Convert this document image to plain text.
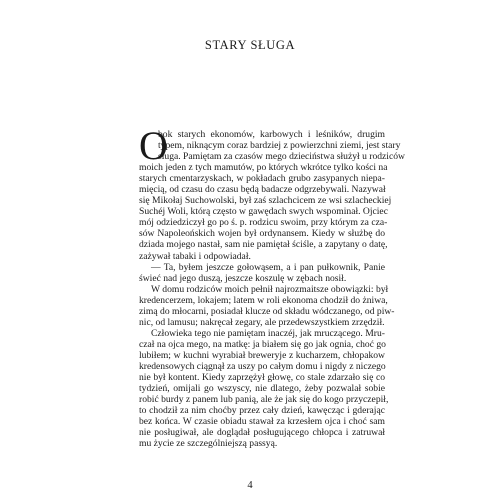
STARY SŁUGA
O
bok starych ekonomów, karbowych i leśników, drugim
typem, niknącym coraz bardziej z powierzchni ziemi, jest stary
sługa. Pamiętam za czasów mego dzieciństwa służył u rodziców
moich jeden z tych mamutów, po których wkrótce tylko kości na
starych cmentarzyskach, w pokładach grubo zasypanych niepa-
mięcią, od czasu do czasu będą badacze odgrzebywali. Nazywał
się Mikołaj Suchowolski, był zaś szlachcicem ze wsi szlacheckiej
Suchéj Woli, którą często w gawędach swych wspominał. Ojciec
mój odziedziczył go po ś. p. rodzicu swoim, przy którym za cza-
sów Napoleońskich wojen był ordynansem. Kiedy w służbę do
dziada mojego nastał, sam nie pamiętał ściśle, a zapytany o datę,
zażywał tabaki i odpowiadał.
— Ta, byłem jeszcze gołowąsem, a i pan pułkownik, Panie
świeć nad jego duszą, jeszcze koszulę w zębach nosił.
W domu rodziców moich pełnił najrozmaitsze obowiązki: był
kredencerzem, lokajem; latem w roli ekonoma chodził do żniwa,
zimą do młocarni, posiadał klucze od składu wódczanego, od piw-
nic, od lamusu; nakręcał zegary, ale przedewszystkiem zrzędził.
Człowieka tego nie pamiętam inaczéj, jak mruczącego. Mru-
czał na ojca mego, na matkę: ja białem się go jak ognia, choć go
lubiłem; w kuchni wyrabiał breweryje z kucharzem, chłopakow
kredensowych ciągnął za uszy po całym domu i nigdy z niczego
nie był kontent. Kiedy zaprzężył głowę, co stale zdarzało się co
tydzień, omijali go wszyscy, nie dlatego, żeby pozwalał sobie
robić burdy z panem lub panią, ale że jak się do kogo przyczepił,
to chodził za nim choćby przez cały dzień, kawęcząc i gderając
bez końca. W czasie obiadu stawał za krzesłem ojca i choć sam
nie posługiwał, ale doglądał posługującego chłopca i zatruwał
mu życie ze szczególniejszą passyą.
4
